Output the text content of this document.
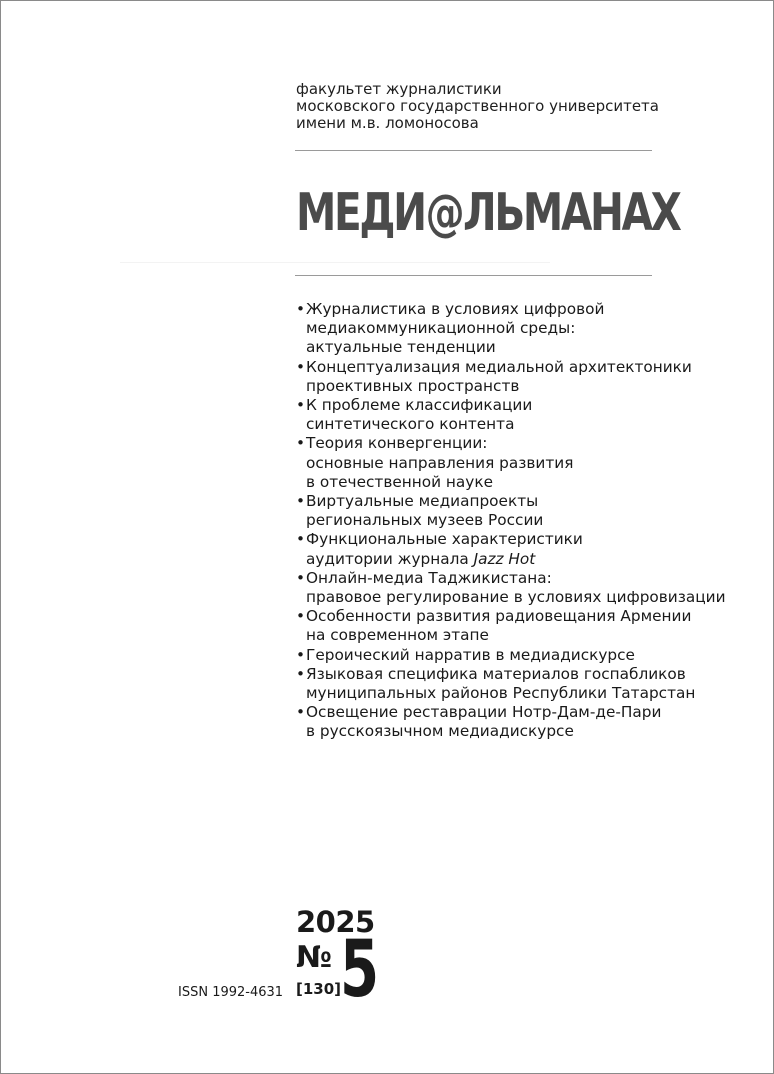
факультет журналистики
московского государственного университета
имени м.в. ломоносова
МЕДИ @ ЛЬМАНАХ
• Журналистика в условиях цифровой
медиакоммуникационной среды:
актуальные тенденции
• Концептуализация медиальной архитектоники
проективных пространств
• К проблеме классификации
синтетического контента
• Теория конвергенции:
основные направления развития
в отечественной науке
• Виртуальные медиапроекты
региональных музеев России
• Функциональные характеристики
аудитории журнала Jazz Hot
• Онлайн-медиа Таджикистана:
правовое регулирование в условиях цифровизации
• Особенности развития радиовещания Армении
на современном этапе
• Героический нарратив в медиадискурсе
• Языковая специфика материалов госпабликов
муниципальных районов Республики Татарстан
• Освещение реставрации Нотр-Дам-де-Пари
в русскоязычном медиадискурсе
2025
№
[130]
5
ISSN 1992-4631
